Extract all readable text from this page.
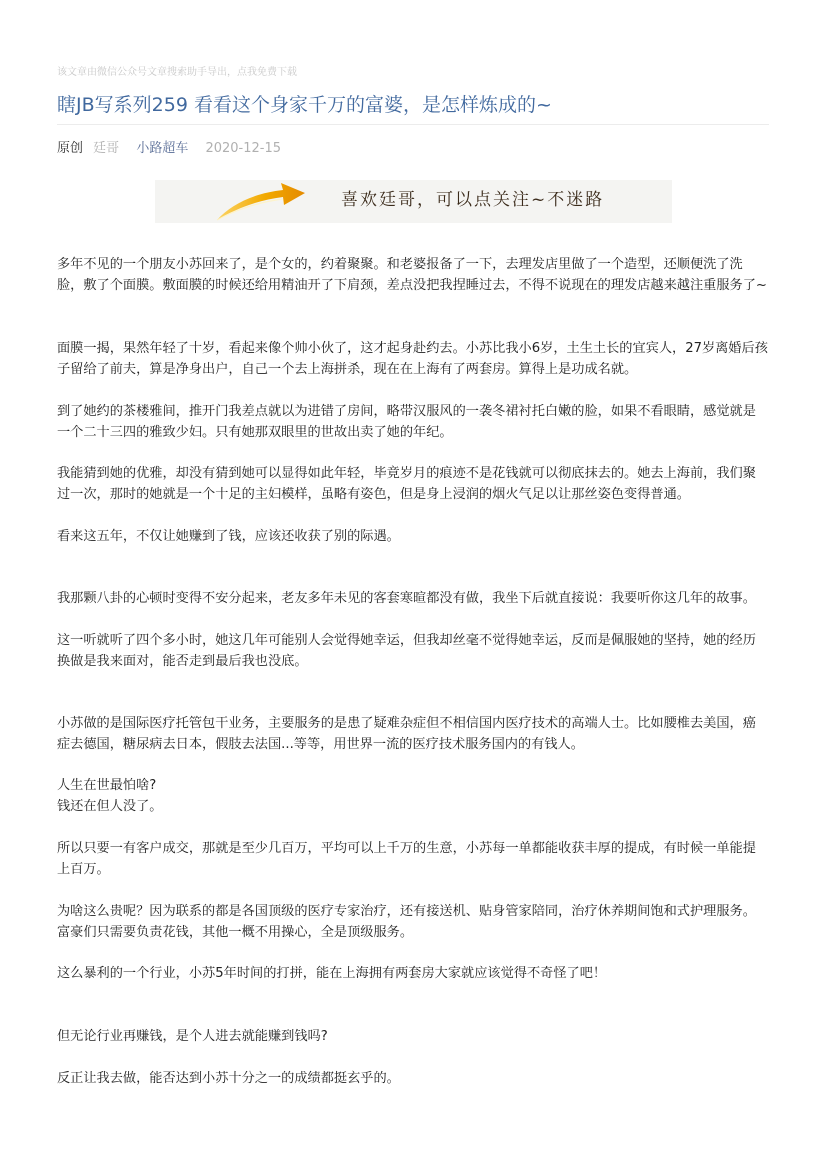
该文章由微信公众号文章搜索助手导出，点我免费下载
瞎JB写系列259 看看这个身家千万的富婆，是怎样炼成的~
原创 廷哥 小路超车 2020-12-15
喜欢廷哥，可以点关注~不迷路

多年不见的一个朋友小苏回来了，是个女的，约着聚聚。和老婆报备了一下，去理发店里做了一个造型，还顺便洗了洗脸，敷了个面膜。敷面膜的时候还给用精油开了下肩颈，差点没把我捏睡过去，不得不说现在的理发店越来越注重服务了~

面膜一揭，果然年轻了十岁，看起来像个帅小伙了，这才起身赴约去。小苏比我小6岁，土生土长的宜宾人，27岁离婚后孩子留给了前夫，算是净身出户，自己一个去上海拼杀，现在在上海有了两套房。算得上是功成名就。

到了她约的茶楼雅间，推开门我差点就以为进错了房间，略带汉服风的一袭冬裙衬托白嫩的脸，如果不看眼睛，感觉就是一个二十三四的雅致少妇。只有她那双眼里的世故出卖了她的年纪。

我能猜到她的优雅，却没有猜到她可以显得如此年轻，毕竟岁月的痕迹不是花钱就可以彻底抹去的。她去上海前，我们聚过一次，那时的她就是一个十足的主妇模样，虽略有姿色，但是身上浸润的烟火气足以让那丝姿色变得普通。

看来这五年，不仅让她赚到了钱，应该还收获了别的际遇。

我那颗八卦的心顿时变得不安分起来，老友多年未见的客套寒暄都没有做，我坐下后就直接说：我要听你这几年的故事。

这一听就听了四个多小时，她这几年可能别人会觉得她幸运，但我却丝毫不觉得她幸运，反而是佩服她的坚持，她的经历换做是我来面对，能否走到最后我也没底。

小苏做的是国际医疗托管包干业务，主要服务的是患了疑难杂症但不相信国内医疗技术的高端人士。比如腰椎去美国，癌症去德国，糖尿病去日本，假肢去法国...等等，用世界一流的医疗技术服务国内的有钱人。

人生在世最怕啥?

钱还在但人没了。

所以只要一有客户成交，那就是至少几百万，平均可以上千万的生意，小苏每一单都能收获丰厚的提成，有时候一单能提上百万。

为啥这么贵呢？因为联系的都是各国顶级的医疗专家治疗，还有接送机、贴身管家陪同，治疗休养期间饱和式护理服务。富豪们只需要负责花钱，其他一概不用操心，全是顶级服务。

这么暴利的一个行业，小苏5年时间的打拼，能在上海拥有两套房大家就应该觉得不奇怪了吧！

但无论行业再赚钱，是个人进去就能赚到钱吗?

反正让我去做，能否达到小苏十分之一的成绩都挺玄乎的。
